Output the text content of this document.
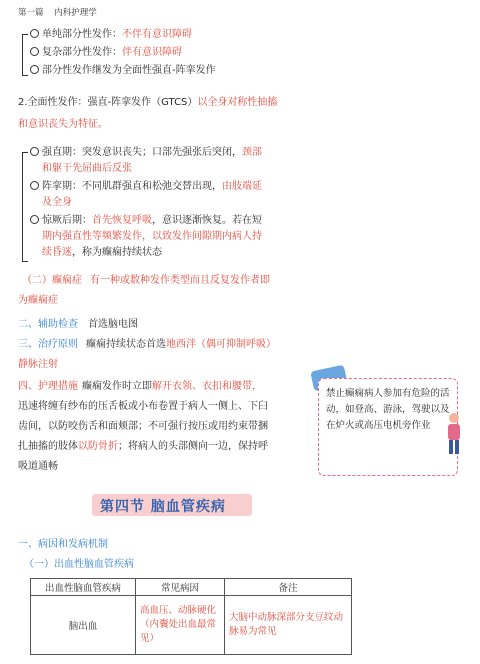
第一篇 内科护理学
单纯部分性发作：不伴有意识障碍
复杂部分性发作：伴有意识障碍
部分性发作继发为全面性强直-阵挛发作
2.全面性发作：强直-阵挛发作（GTCS）以全身对称性抽搐
和意识丧失为特征。
强直期：突发意识丧失；口部先强张后突闭，颈部
和躯干先屈曲后反张
阵挛期：不同肌群强直和松弛交替出现，由肢端延
及全身
惊厥后期：首先恢复呼吸，意识逐渐恢复。若在短
期内强直性等频繁发作，以致发作间隙期内病人持
续昏迷，称为癫痫持续状态
（二）癫痫症 有一种或数种发作类型而且反复发作者即
为癫痫症
二、辅助检查 首选脑电图
三、治疗原则 癫痫持续状态首选地西泮（偶可抑制呼吸）
静脉注射
四、护理措施 癫痫发作时立即解开衣领、衣扣和腰带，
迅速将缠有纱布的压舌板或小布卷置于病人一侧上、下臼
齿间，以防咬伤舌和面颊部；不可强行按压或用约束带捆
扎抽搐的肢体以防骨折；将病人的头部侧向一边，保持呼
吸道通畅
禁止癫痫病人参加有危险的活动，如登高、游泳，驾驶以及在炉火或高压电机旁作业
第四节 脑血管疾病
一、病因和发病机制
（一）出血性脑血管疾病
出血性脑血管疾病	常见病因	备注
脑出血	高血压、动脉硬化（内囊处出血最常见）	大脑中动脉深部分支豆纹动脉易为常见
